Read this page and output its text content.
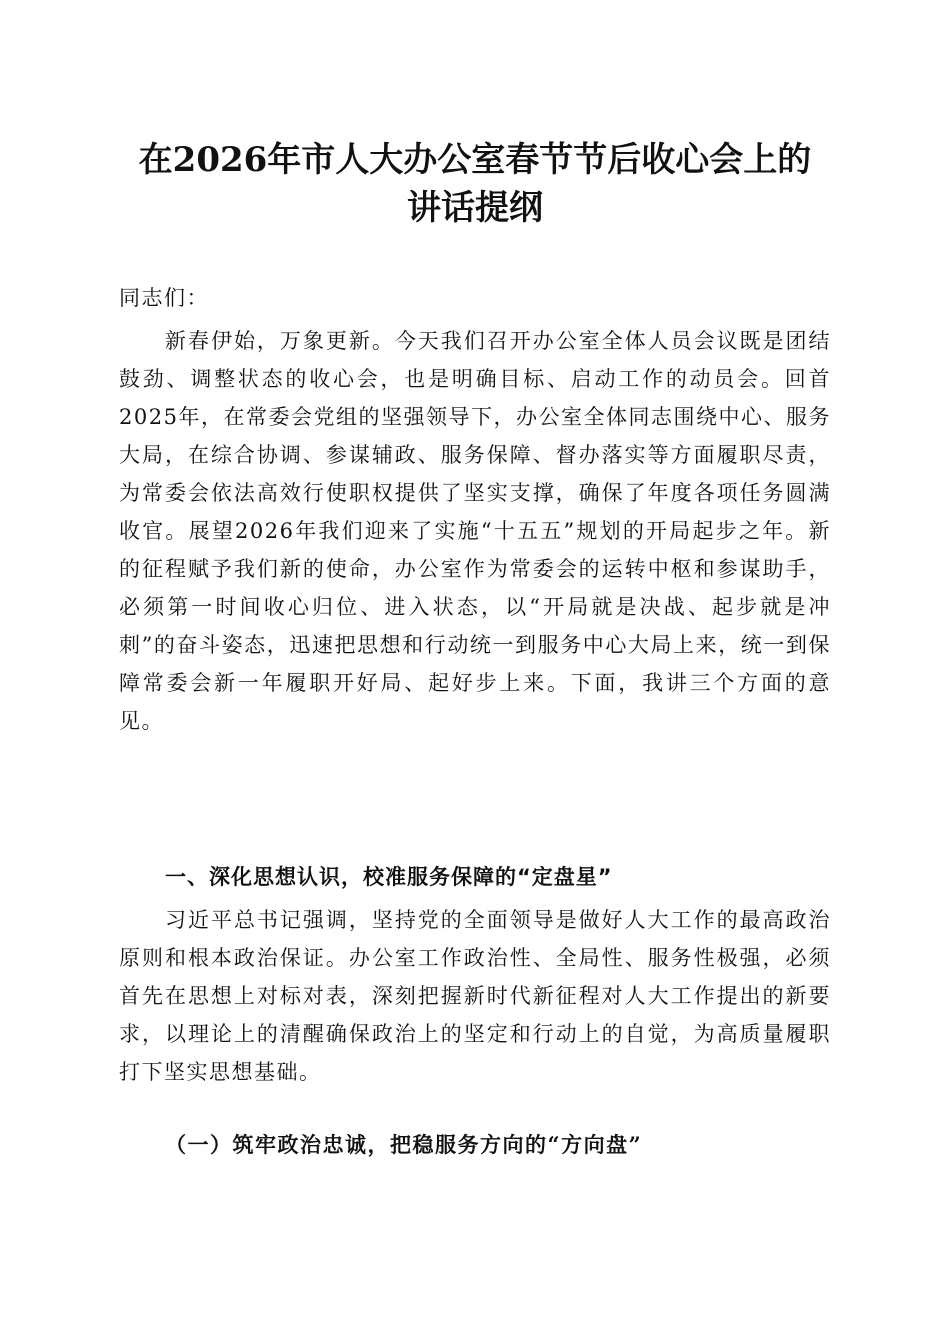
在2026年市人大办公室春节节后收心会上的
讲话提纲

同志们：

新春伊始，万象更新。今天我们召开办公室全体人员会议既是团结鼓劲、调整状态的收心会，也是明确目标、启动工作的动员会。回首2025年，在常委会党组的坚强领导下，办公室全体同志围绕中心、服务大局，在综合协调、参谋辅政、服务保障、督办落实等方面履职尽责，为常委会依法高效行使职权提供了坚实支撑，确保了年度各项任务圆满收官。展望2026年我们迎来了实施“十五五”规划的开局起步之年。新的征程赋予我们新的使命，办公室作为常委会的运转中枢和参谋助手，必须第一时间收心归位、进入状态，以“开局就是决战、起步就是冲刺”的奋斗姿态，迅速把思想和行动统一到服务中心大局上来，统一到保障常委会新一年履职开好局、起好步上来。下面，我讲三个方面的意见。

一、深化思想认识，校准服务保障的“定盘星”

习近平总书记强调，坚持党的全面领导是做好人大工作的最高政治原则和根本政治保证。办公室工作政治性、全局性、服务性极强，必须首先在思想上对标对表，深刻把握新时代新征程对人大工作提出的新要求，以理论上的清醒确保政治上的坚定和行动上的自觉，为高质量履职打下坚实思想基础。

（一）筑牢政治忠诚，把稳服务方向的“方向盘”
